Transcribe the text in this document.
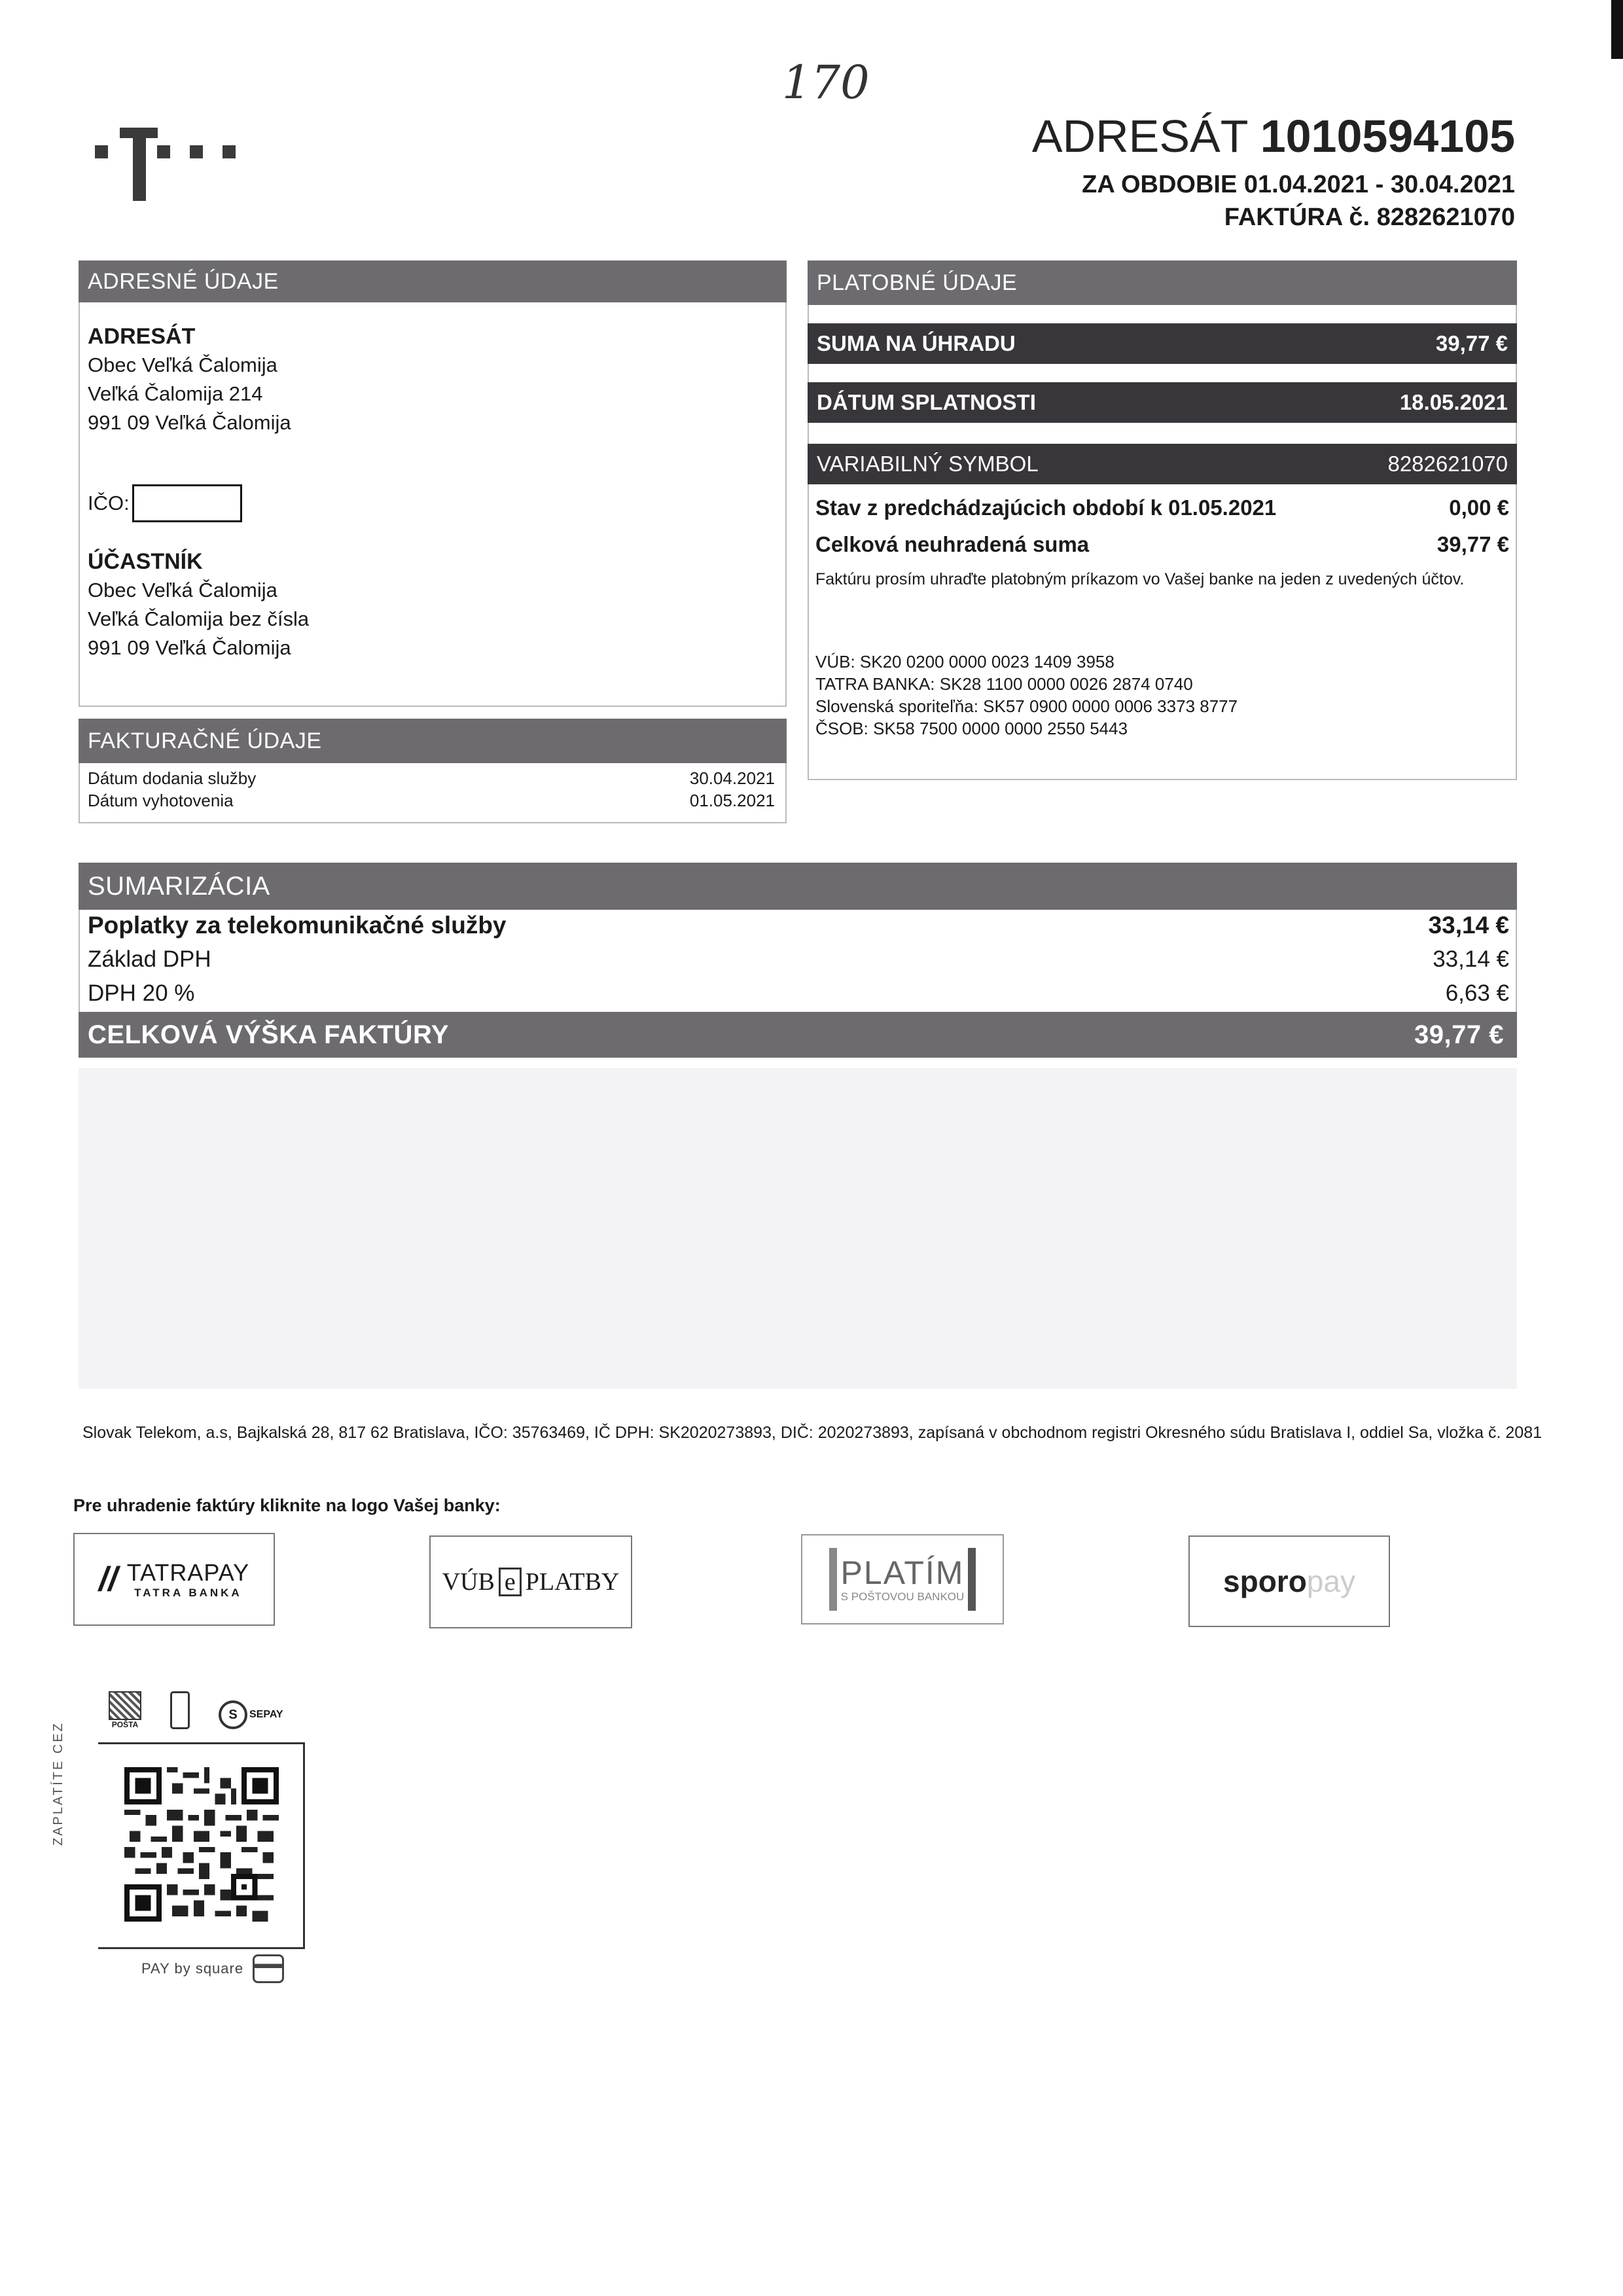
170
ADRESÁT 1010594105
ZA OBDOBIE 01.04.2021 - 30.04.2021
FAKTÚRA č. 8282621070
ADRESNÉ ÚDAJE
ADRESÁT
Obec Veľká Čalomija
Veľká Čalomija 214
991 09 Veľká Čalomija
IČO:
ÚČASTNÍK
Obec Veľká Čalomija
Veľká Čalomija bez čísla
991 09 Veľká Čalomija
PLATOBNÉ ÚDAJE
SUMA NA ÚHRADU	39,77 €
DÁTUM SPLATNOSTI	18.05.2021
VARIABILNÝ SYMBOL	8282621070
Stav z predchádzajúcich období k 01.05.2021	0,00 €
Celková neuhradená suma	39,77 €
Faktúru prosím uhraďte platobným príkazom vo Vašej banke na jeden z uvedených účtov.
VÚB: SK20 0200 0000 0023 1409 3958
TATRA BANKA: SK28 1100 0000 0026 2874 0740
Slovenská sporiteľňa: SK57 0900 0000 0006 3373 8777
ČSOB: SK58 7500 0000 0000 2550 5443
FAKTURAČNÉ ÚDAJE
Dátum dodania služby	30.04.2021
Dátum vyhotovenia	01.05.2021
SUMARIZÁCIA
Poplatky za telekomunikačné služby	33,14 €
Základ DPH	33,14 €
DPH 20 %	6,63 €
CELKOVÁ VÝŠKA FAKTÚRY	39,77 €
Slovak Telekom, a.s, Bajkalská 28, 817 62 Bratislava, IČO: 35763469, IČ DPH: SK2020273893, DIČ: 2020273893, zapísaná v obchodnom registri Okresného súdu Bratislava I, oddiel Sa, vložka č. 2081
Pre uhradenie faktúry kliknite na logo Vašej banky:
// TATRAPAY
TATRA BANKA	VÚB e PLATBY	PLATÍM
S POŠTOVOU BANKOU	sporo pay
POŠTA
S	SEPAY
ZAPLATÍTE CEZ
PAY by square
